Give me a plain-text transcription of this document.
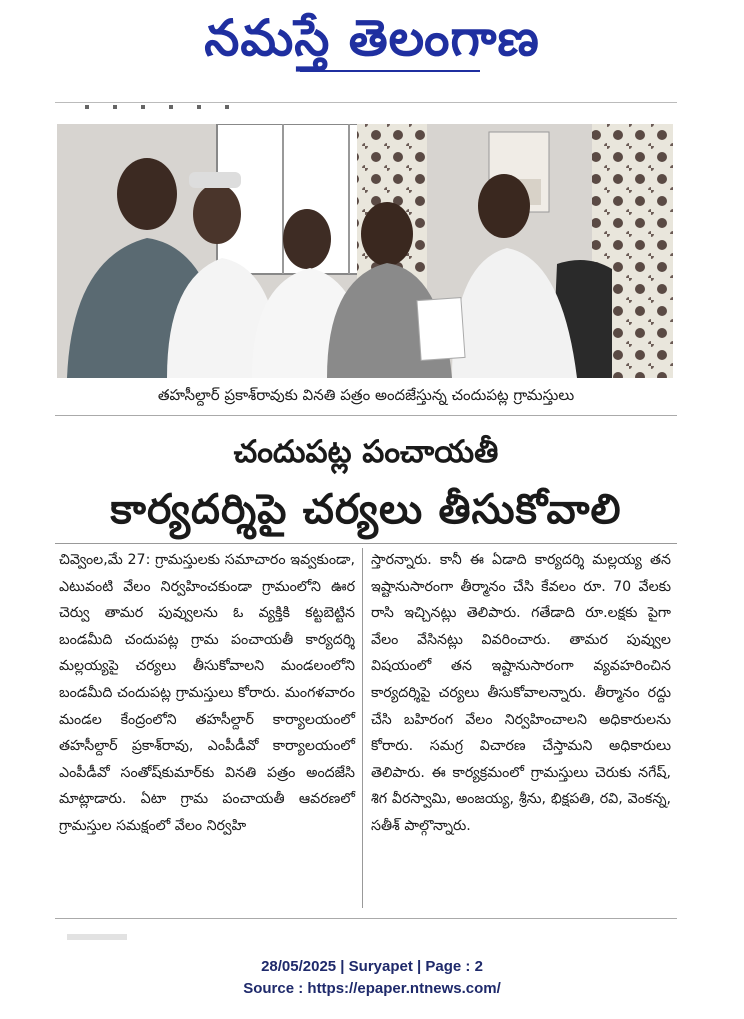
నమస్తే తెలంగాణ
తహసీల్దార్ ప్రకాశ్‌రావుకు వినతి పత్రం అందజేస్తున్న చందుపట్ల గ్రామస్తులు
చందుపట్ల పంచాయతీ
కార్యదర్శిపై చర్యలు తీసుకోవాలి

చివ్వెంల,మే 27: గ్రామస్తులకు సమాచారం ఇవ్వకుండా, ఎటువంటి వేలం నిర్వహించకుండా గ్రామంలోని ఊర చెర్వు తామర పువ్వులను ఓ వ్యక్తికి కట్టబెట్టిన బండమీది చందుపట్ల గ్రామ పంచాయతీ కార్యదర్శి మల్లయ్యపై చర్యలు తీసుకోవాలని మండలంలోని బండమీది చందుపట్ల గ్రామస్తులు కోరారు. మంగళవారం మండల కేంద్రంలోని తహసీల్దార్ కార్యాలయంలో తహసీల్దార్ ప్రకాశ్‌రావు, ఎంపీడీవో కార్యాలయంలో ఎంపీడీవో సంతోష్‌కుమార్‌కు వినతి పత్రం అందజేసి మాట్లాడారు. ఏటా గ్రామ పంచాయతీ ఆవరణలో గ్రామస్తుల సమక్షంలో వేలం నిర్వహి

స్తారన్నారు. కానీ ఈ ఏడాది కార్యదర్శి మల్లయ్య తన ఇష్టానుసారంగా తీర్మానం చేసి కేవలం రూ. 70 వేలకు రాసి ఇచ్చినట్లు తెలిపారు. గతేడాది రూ.లక్షకు పైగా వేలం వేసినట్లు వివరించారు. తామర పువ్వుల విషయంలో తన ఇష్టానుసారంగా వ్యవహరించిన కార్యదర్శిపై చర్యలు తీసుకోవాలన్నారు. తీర్మానం రద్దు చేసి బహిరంగ వేలం నిర్వహించాలని అధికారులను కోరారు. సమగ్ర విచారణ చేస్తామని అధికారులు తెలిపారు. ఈ కార్యక్రమంలో గ్రామస్తులు చెరుకు నగేష్, శిగ వీరస్వామి, అంజయ్య, శ్రీను, భిక్షపతి, రవి, వెంకన్న, సతీశ్ పాల్గొన్నారు.

28/05/2025 | Suryapet | Page : 2
Source : https://epaper.ntnews.com/
